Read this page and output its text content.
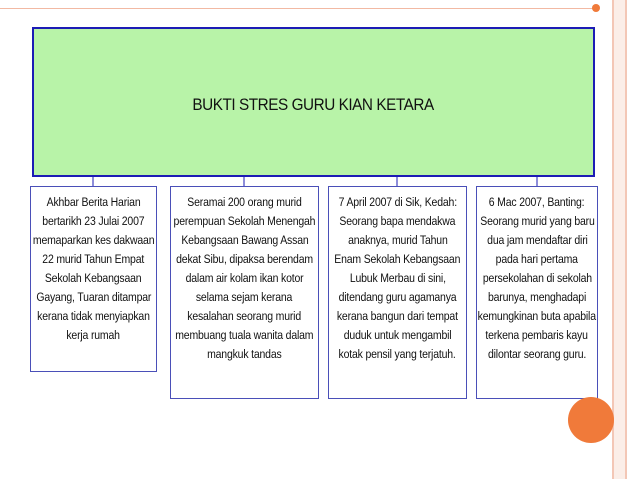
BUKTI STRES GURU KIAN KETARA
Akhbar Berita Harian
bertarikh 23 Julai 2007
memaparkan kes dakwaan
22 murid Tahun Empat
Sekolah Kebangsaan
Gayang, Tuaran ditampar
kerana tidak menyiapkan
kerja rumah
Seramai 200 orang murid
perempuan Sekolah Menengah
Kebangsaan Bawang Assan
dekat Sibu, dipaksa berendam
dalam air kolam ikan kotor
selama sejam kerana
kesalahan seorang murid
membuang tuala wanita dalam
mangkuk tandas
7 April 2007 di Sik, Kedah:
Seorang bapa mendakwa
anaknya, murid Tahun
Enam Sekolah Kebangsaan
Lubuk Merbau di sini,
ditendang guru agamanya
kerana bangun dari tempat
duduk untuk mengambil
kotak pensil yang terjatuh.
6 Mac 2007, Banting:
Seorang murid yang baru
dua jam mendaftar diri
pada hari pertama
persekolahan di sekolah
barunya, menghadapi
kemungkinan buta apabila
terkena pembaris kayu
dilontar seorang guru.
